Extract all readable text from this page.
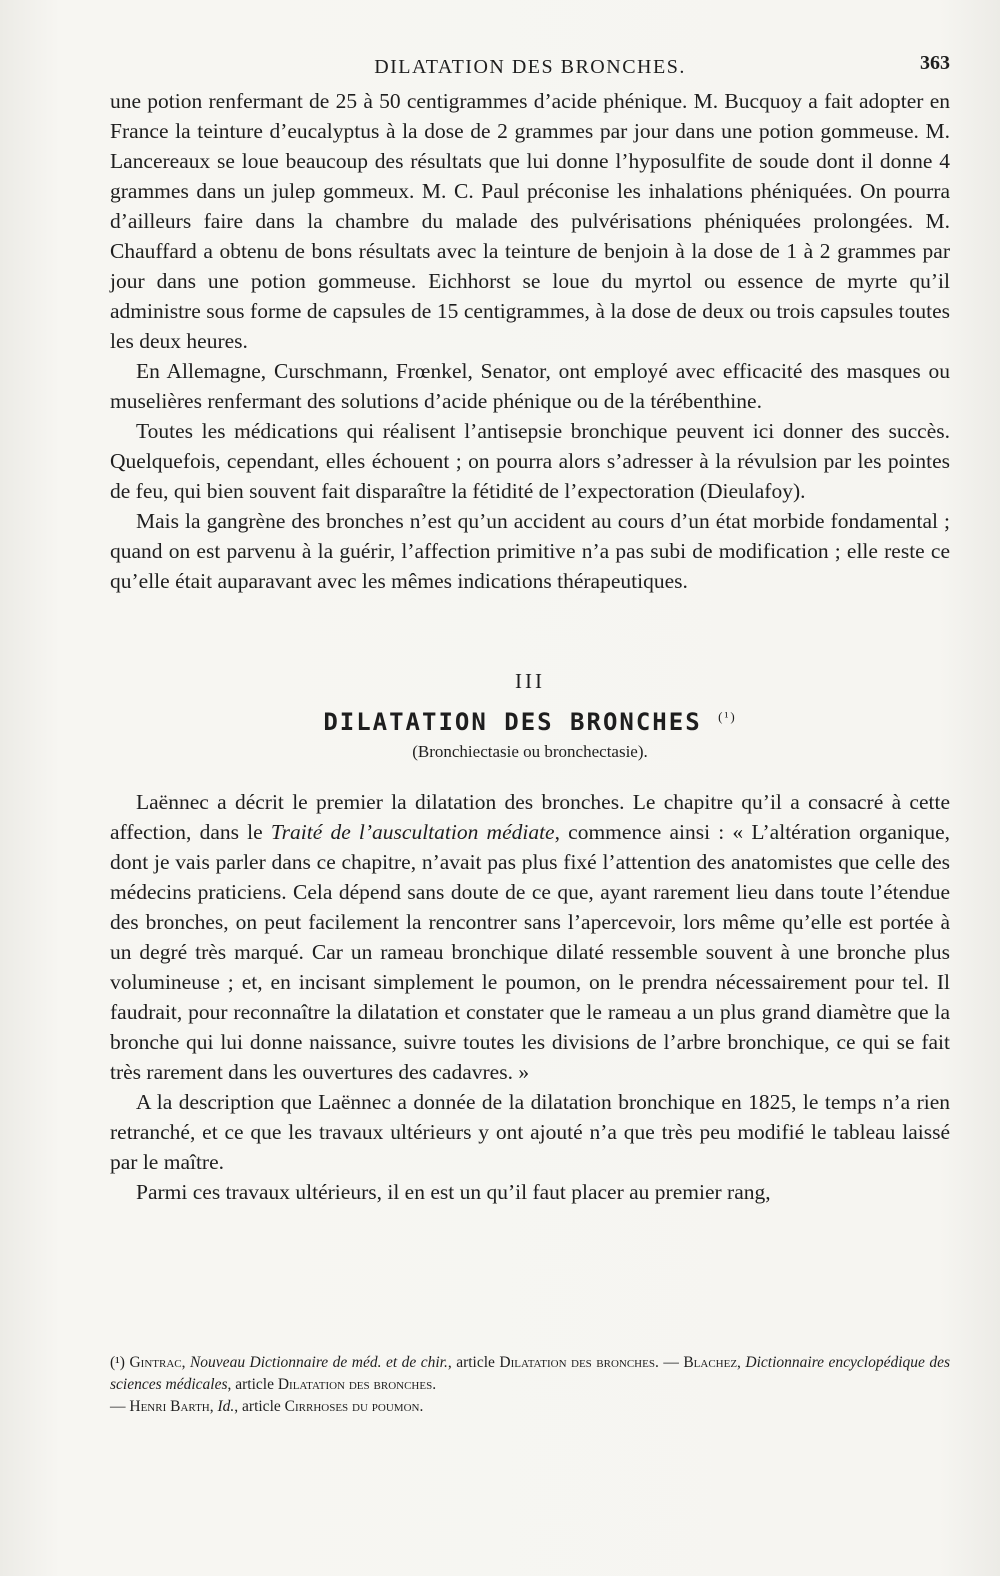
DILATATION DES BRONCHES.	363

une potion renfermant de 25 à 50 centigrammes d’acide phénique. M. Bucquoy a fait adopter en France la teinture d’eucalyptus à la dose de 2 grammes par jour dans une potion gommeuse. M. Lancereaux se loue beaucoup des résultats que lui donne l’hyposulfite de soude dont il donne 4 grammes dans un julep gommeux. M. C. Paul préconise les inhalations phéniquées. On pourra d’ailleurs faire dans la chambre du malade des pulvérisations phéniquées prolongées. M. Chauffard a obtenu de bons résultats avec la teinture de benjoin à la dose de 1 à 2 grammes par jour dans une potion gommeuse. Eichhorst se loue du myrtol ou essence de myrte qu’il administre sous forme de capsules de 15 centigrammes, à la dose de deux ou trois capsules toutes les deux heures.

En Allemagne, Curschmann, Frœnkel, Senator, ont employé avec efficacité des masques ou muselières renfermant des solutions d’acide phénique ou de la térébenthine.

Toutes les médications qui réalisent l’antisepsie bronchique peuvent ici donner des succès. Quelquefois, cependant, elles échouent ; on pourra alors s’adresser à la révulsion par les pointes de feu, qui bien souvent fait disparaître la fétidité de l’expectoration (Dieulafoy).

Mais la gangrène des bronches n’est qu’un accident au cours d’un état morbide fondamental ; quand on est parvenu à la guérir, l’affection primitive n’a pas subi de modification ; elle reste ce qu’elle était auparavant avec les mêmes indications thérapeutiques.

III
DILATATION DES BRONCHES $^{(^1)}$
(Bronchiectasie ou bronchectasie).

Laënnec a décrit le premier la dilatation des bronches. Le chapitre qu’il a consacré à cette affection, dans le Traité de l’auscultation médiate, commence ainsi : « L’altération organique, dont je vais parler dans ce chapitre, n’avait pas plus fixé l’attention des anatomistes que celle des médecins praticiens. Cela dépend sans doute de ce que, ayant rarement lieu dans toute l’étendue des bronches, on peut facilement la rencontrer sans l’apercevoir, lors même qu’elle est portée à un degré très marqué. Car un rameau bronchique dilaté ressemble souvent à une bronche plus volumineuse ; et, en incisant simplement le poumon, on le prendra nécessairement pour tel. Il faudrait, pour reconnaître la dilatation et constater que le rameau a un plus grand diamètre que la bronche qui lui donne naissance, suivre toutes les divisions de l’arbre bronchique, ce qui se fait très rarement dans les ouvertures des cadavres. »

A la description que Laënnec a donnée de la dilatation bronchique en 1825, le temps n’a rien retranché, et ce que les travaux ultérieurs y ont ajouté n’a que très peu modifié le tableau laissé par le maître.

Parmi ces travaux ultérieurs, il en est un qu’il faut placer au premier rang,

(¹) Gintrac, Nouveau Dictionnaire de méd. et de chir., article Dilatation des bronches. — Blachez, Dictionnaire encyclopédique des sciences médicales, article Dilatation des bronches.
— Henri Barth, Id., article Cirrhoses du poumon.
